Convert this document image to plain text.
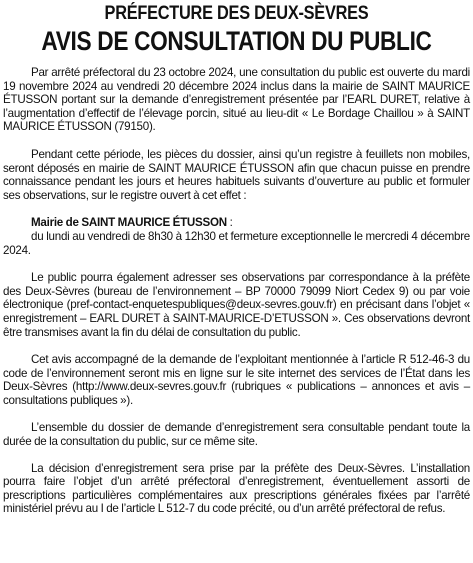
PRÉFECTURE DES DEUX-SÈVRES
AVIS DE CONSULTATION DU PUBLIC

Par arrêté préfectoral du 23 octobre 2024, une consultation du public est ouverte du mardi 19 novembre 2024 au vendredi 20 décembre 2024 inclus dans la mairie de SAINT MAURICE ÉTUSSON portant sur la demande d’enregistrement présentée par l’EARL DURET, relative à l’augmentation d’effectif de l’élevage porcin, situé au lieu-dit « Le Bordage Chaillou » à SAINT MAURICE ÉTUSSON (79150).

Pendant cette période, les pièces du dossier, ainsi qu’un registre à feuillets non mobiles, seront déposés en mairie de SAINT MAURICE ÉTUSSON afin que chacun puisse en prendre connaissance pendant les jours et heures habituels suivants d’ouverture au public et formuler ses observations, sur le registre ouvert à cet effet :

Mairie de SAINT MAURICE ÉTUSSON :

du lundi au vendredi de 8h30 à 12h30 et fermeture exceptionnelle le mercredi 4 décembre 2024.

Le public pourra également adresser ses observations par correspondance à la préfète des Deux-Sèvres (bureau de l’environnement – BP 70000 79099 Niort Cedex 9) ou par voie électronique (pref-contact-enquetespubliques@deux-sevres.gouv.fr) en précisant dans l’objet « enregistrement – EARL DURET à SAINT-MAURICE-D’ETUSSON ». Ces observations devront être transmises avant la fin du délai de consultation du public.

Cet avis accompagné de la demande de l’exploitant mentionnée à l’article R 512-46-3 du code de l’environnement seront mis en ligne sur le site internet des services de l’État dans les Deux-Sèvres (http://www.deux-sevres.gouv.fr (rubriques « publications – annonces et avis – consultations publiques »).

L’ensemble du dossier de demande d’enregistrement sera consultable pendant toute la durée de la consultation du public, sur ce même site.

La décision d’enregistrement sera prise par la préfète des Deux-Sèvres. L’installation pourra faire l’objet d’un arrêté préfectoral d’enregistrement, éventuellement assorti de prescriptions particulières complémentaires aux prescriptions générales fixées par l’arrêté ministériel prévu au I de l’article L 512-7 du code précité, ou d’un arrêté préfectoral de refus.
